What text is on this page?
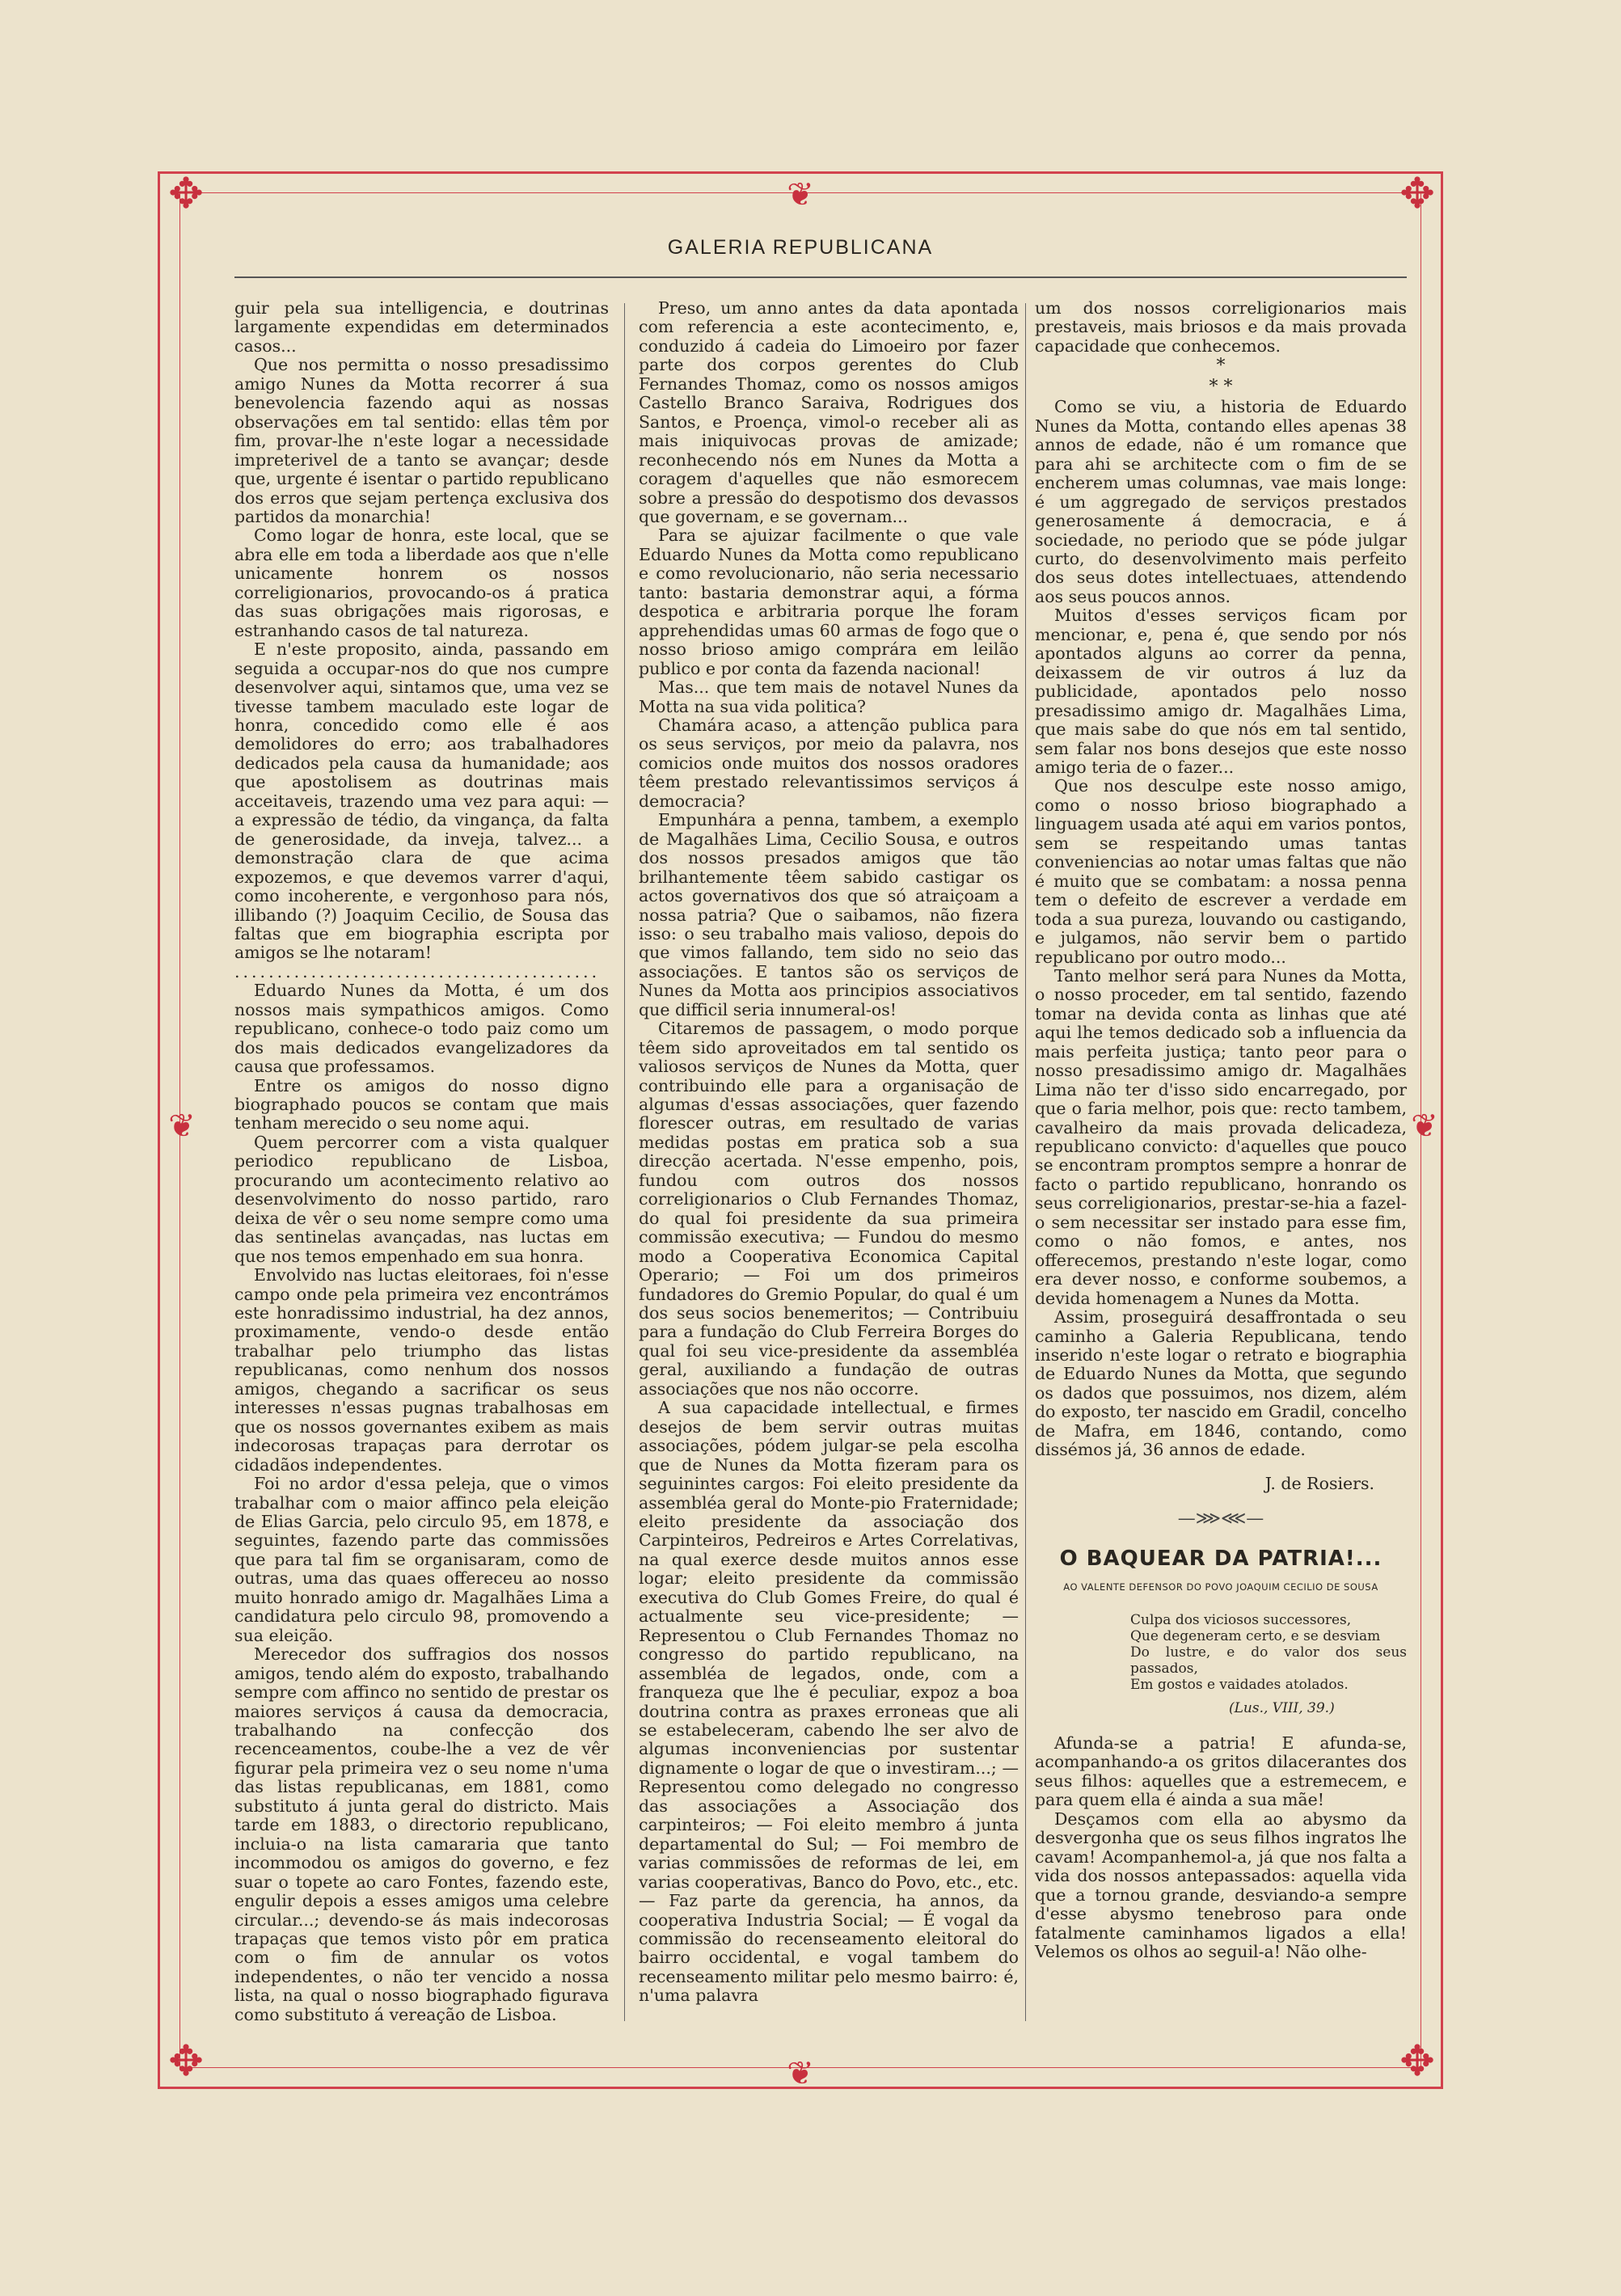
✥	✥
✥	✥
❦
❦
❦	❦
GALERIA REPUBLICANA

guir pela sua intelligencia, e doutrinas largamente expendidas em determinados casos...

Que nos permitta o nosso presadissimo amigo Nunes da Motta recorrer á sua benevolencia fazendo aqui as nossas observações em tal sentido: ellas têm por fim, provar-lhe n'este logar a necessidade impreterivel de a tanto se avançar; desde que, urgente é isentar o partido republicano dos erros que sejam pertença exclusiva dos partidos da monarchia!

Como logar de honra, este local, que se abra elle em toda a liberdade aos que n'elle unicamente honrem os nossos correligionarios, provocando-os á pratica das suas obrigações mais rigorosas, e estranhando casos de tal natureza.

E n'este proposito, ainda, passando em seguida a occupar-nos do que nos cumpre desenvolver aqui, sintamos que, uma vez se tivesse tambem maculado este logar de honra, concedido como elle é aos demolidores do erro; aos trabalhadores dedicados pela causa da humanidade; aos que apostolisem as doutrinas mais acceitaveis, trazendo uma vez para aqui: — a expressão de tédio, da vingança, da falta de generosidade, da inveja, talvez... a demonstração clara de que acima expozemos, e que devemos varrer d'aqui, como incoherente, e vergonhoso para nós, illibando (?) Joaquim Cecilio, de Sousa das faltas que em biographia escripta por amigos se lhe notaram!

...........................................

Eduardo Nunes da Motta, é um dos nossos mais sympathicos amigos. Como republicano, conhece-o todo paiz como um dos mais dedicados evangelizadores da causa que professamos.

Entre os amigos do nosso digno biographado poucos se contam que mais tenham merecido o seu nome aqui.

Quem percorrer com a vista qualquer periodico republicano de Lisboa, procurando um acontecimento relativo ao desenvolvimento do nosso partido, raro deixa de vêr o seu nome sempre como uma das sentinelas avançadas, nas luctas em que nos temos empenhado em sua honra.

Envolvido nas luctas eleitoraes, foi n'esse campo onde pela primeira vez encontrámos este honradissimo industrial, ha dez annos, proximamente, vendo-o desde então trabalhar pelo triumpho das listas republicanas, como nenhum dos nossos amigos, chegando a sacrificar os seus interesses n'essas pugnas trabalhosas em que os nossos governantes exibem as mais indecorosas trapaças para derrotar os cidadãos independentes.

Foi no ardor d'essa peleja, que o vimos trabalhar com o maior affinco pela eleição de Elias Garcia, pelo circulo 95, em 1878, e seguintes, fazendo parte das commissões que para tal fim se organisaram, como de outras, uma das quaes offereceu ao nosso muito honrado amigo dr. Magalhães Lima a candidatura pelo circulo 98, promovendo a sua eleição.

Merecedor dos suffragios dos nossos amigos, tendo além do exposto, trabalhando sempre com affinco no sentido de prestar os maiores serviços á causa da democracia, trabalhando na confecção dos recenceamentos, coube-lhe a vez de vêr figurar pela primeira vez o seu nome n'uma das listas republicanas, em 1881, como substituto á junta geral do districto. Mais tarde em 1883, o directorio republicano, incluia-o na lista camararia que tanto incommodou os amigos do governo, e fez suar o topete ao caro Fontes, fazendo este, engulir depois a esses amigos uma celebre circular...; devendo-se ás mais indecorosas trapaças que temos visto pôr em pratica com o fim de annular os votos independentes, o não ter vencido a nossa lista, na qual o nosso biographado figurava como substituto á vereação de Lisboa.

Preso, um anno antes da data apontada com referencia a este acontecimento, e, conduzido á cadeia do Limoeiro por fazer parte dos corpos gerentes do Club Fernandes Thomaz, como os nossos amigos Castello Branco Saraiva, Rodrigues dos Santos, e Proença, vimol-o receber ali as mais iniquivocas provas de amizade; reconhecendo nós em Nunes da Motta a coragem d'aquelles que não esmorecem sobre a pressão do despotismo dos devassos que governam, e se governam...

Para se ajuizar facilmente o que vale Eduardo Nunes da Motta como republicano e como revolucionario, não seria necessario tanto: bastaria demonstrar aqui, a fórma despotica e arbitraria porque lhe foram apprehendidas umas 60 armas de fogo que o nosso brioso amigo comprára em leilão publico e por conta da fazenda nacional!

Mas... que tem mais de notavel Nunes da Motta na sua vida politica?

Chamára acaso, a attenção publica para os seus serviços, por meio da palavra, nos comicios onde muitos dos nossos oradores têem prestado relevantissimos serviços á democracia?

Empunhára a penna, tambem, a exemplo de Magalhães Lima, Cecilio Sousa, e outros dos nossos presados amigos que tão brilhantemente têem sabido castigar os actos governativos dos que só atraiçoam a nossa patria? Que o saibamos, não fizera isso: o seu trabalho mais valioso, depois do que vimos fallando, tem sido no seio das associações. E tantos são os serviços de Nunes da Motta aos principios associativos que difficil seria innumeral-os!

Citaremos de passagem, o modo porque têem sido aproveitados em tal sentido os valiosos serviços de Nunes da Motta, quer contribuindo elle para a organisação de algumas d'essas associações, quer fazendo florescer outras, em resultado de varias medidas postas em pratica sob a sua direcção acertada. N'esse empenho, pois, fundou com outros dos nossos correligionarios o Club Fernandes Thomaz, do qual foi presidente da sua primeira commissão executiva; — Fundou do mesmo modo a Cooperativa Economica Capital Operario; — Foi um dos primeiros fundadores do Gremio Popular, do qual é um dos seus socios benemeritos; — Contribuiu para a fundação do Club Ferreira Borges do qual foi seu vice-presidente da assembléa geral, auxiliando a fundação de outras associações que nos não occorre.

A sua capacidade intellectual, e firmes desejos de bem servir outras muitas associações, pódem julgar-se pela escolha que de Nunes da Motta fizeram para os seguinintes cargos: Foi eleito presidente da assembléa geral do Monte-pio Fraternidade; eleito presidente da associação dos Carpinteiros, Pedreiros e Artes Correlativas, na qual exerce desde muitos annos esse logar; eleito presidente da commissão executiva do Club Gomes Freire, do qual é actualmente seu vice-presidente; — Representou o Club Fernandes Thomaz no congresso do partido republicano, na assembléa de legados, onde, com a franqueza que lhe é peculiar, expoz a boa doutrina contra as praxes erroneas que ali se estabeleceram, cabendo lhe ser alvo de algumas inconveniencias por sustentar dignamente o logar de que o investiram...; — Representou como delegado no congresso das associações a Associação dos carpinteiros; — Foi eleito membro á junta departamental do Sul; — Foi membro de varias commissões de reformas de lei, em varias cooperativas, Banco do Povo, etc., etc. — Faz parte da gerencia, ha annos, da cooperativa Industria Social; — É vogal da commissão do recenseamento eleitoral do bairro occidental, e vogal tambem do recenseamento militar pelo mesmo bairro: é, n'uma palavra

um dos nossos correligionarios mais prestaveis, mais briosos e da mais provada capacidade que conhecemos.

*
* *

Como se viu, a historia de Eduardo Nunes da Motta, contando elles apenas 38 annos de edade, não é um romance que para ahi se architecte com o fim de se encherem umas columnas, vae mais longe: é um aggregado de serviços prestados generosamente á democracia, e á sociedade, no periodo que se póde julgar curto, do desenvolvimento mais perfeito dos seus dotes intellectuaes, attendendo aos seus poucos annos.

Muitos d'esses serviços ficam por mencionar, e, pena é, que sendo por nós apontados alguns ao correr da penna, deixassem de vir outros á luz da publicidade, apontados pelo nosso presadissimo amigo dr. Magalhães Lima, que mais sabe do que nós em tal sentido, sem falar nos bons desejos que este nosso amigo teria de o fazer...

Que nos desculpe este nosso amigo, como o nosso brioso biographado a linguagem usada até aqui em varios pontos, sem se respeitando umas tantas conveniencias ao notar umas faltas que não é muito que se combatam: a nossa penna tem o defeito de escrever a verdade em toda a sua pureza, louvando ou castigando, e julgamos, não servir bem o partido republicano por outro modo...

Tanto melhor será para Nunes da Motta, o nosso proceder, em tal sentido, fazendo tomar na devida conta as linhas que até aqui lhe temos dedicado sob a influencia da mais perfeita justiça; tanto peor para o nosso presadissimo amigo dr. Magalhães Lima não ter d'isso sido encarregado, por que o faria melhor, pois que: recto tambem, cavalheiro da mais provada delicadeza, republicano convicto: d'aquelles que pouco se encontram promptos sempre a honrar de facto o partido republicano, honrando os seus correligionarios, prestar-se-hia a fazel-o sem necessitar ser instado para esse fim, como o não fomos, e antes, nos offerecemos, prestando n'este logar, como era dever nosso, e conforme soubemos, a devida homenagem a Nunes da Motta.

Assim, proseguirá desaffrontada o seu caminho a Galeria Republicana, tendo inserido n'este logar o retrato e biographia de Eduardo Nunes da Motta, que segundo os dados que possuimos, nos dizem, além do exposto, ter nascido em Gradil, concelho de Mafra, em 1846, contando, como dissémos já, 36 annos de edade.

J. de Rosiers.

—⋙⋘—
O BAQUEAR DA PATRIA!...
AO VALENTE DEFENSOR DO POVO JOAQUIM CECILIO DE SOUSA
Culpa dos viciosos successores,
Que degeneram certo, e se desviam
Do lustre, e do valor dos seus passados,
Em gostos e vaidades atolados.
(Lus., VIII, 39.)

Afunda-se a patria! E afunda-se, acompanhando-a os gritos dilacerantes dos seus filhos: aquelles que a estremecem, e para quem ella é ainda a sua mãe!

Desçamos com ella ao abysmo da desvergonha que os seus filhos ingratos lhe cavam! Acompanhemol-a, já que nos falta a vida dos nossos antepassados: aquella vida que a tornou grande, desviando-a sempre d'esse abysmo tenebroso para onde fatalmente caminhamos ligados a ella! Velemos os olhos ao seguil-a! Não olhe-
